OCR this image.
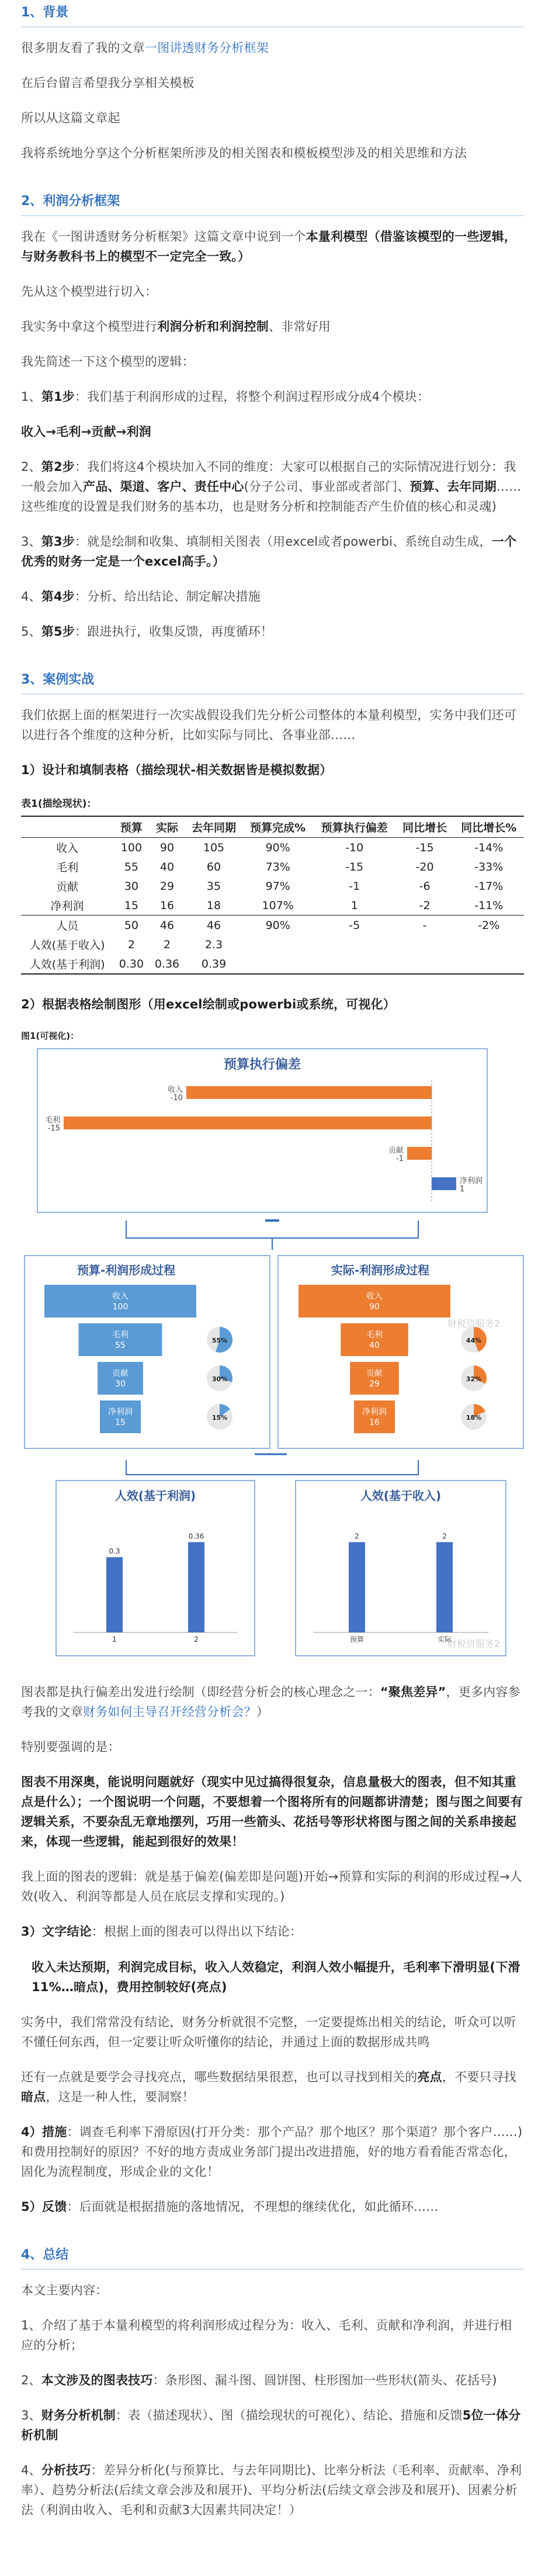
1、背景
很多朋友看了我的文章一图讲透财务分析框架
在后台留言希望我分享相关模板
所以从这篇文章起
我将系统地分享这个分析框架所涉及的相关图表和模板模型涉及的相关思维和方法
2、利润分析框架
我在《一图讲透财务分析框架》这篇文章中说到一个本量利模型（借鉴该模型的一些逻辑，与财务教科书上的模型不一定完全一致。）
先从这个模型进行切入：
我实务中拿这个模型进行利润分析和利润控制、非常好用
我先简述一下这个模型的逻辑：
1、第1步：我们基于利润形成的过程，将整个利润过程形成分成4个模块：
收入→毛利→贡献→利润
2、第2步：我们将这4个模块加入不同的维度：大家可以根据自己的实际情况进行划分：我一般会加入产品、渠道、客户、责任中心(分子公司、事业部或者部门、预算、去年同期……这些维度的设置是我们财务的基本功，也是财务分析和控制能否产生价值的核心和灵魂)
3、第3步：就是绘制和收集、填制相关图表（用excel或者powerbi、系统自动生成，一个优秀的财务一定是一个excel高手。）
4、第4步：分析、给出结论、制定解决措施
5、第5步：跟进执行，收集反馈，再度循环！
3、案例实战
我们依据上面的框架进行一次实战假设我们先分析公司整体的本量利模型，实务中我们还可以进行各个维度的这种分析，比如实际与同比、各事业部……
1）设计和填制表格（描绘现状-相关数据皆是模拟数据）
表1(描绘现状)：
	预算	实际	去年同期	预算完成%	预算执行偏差	同比增长	同比增长%
收入	100	90	105	90%	-10	-15	-14%
毛利	55	40	60	73%	-15	-20	-33%
贡献	30	29	35	97%	-1	-6	-17%
净利润	15	16	18	107%	1	-2	-11%
人员	50	46	46	90%	-5	-	-2%
人效(基于收入)	2	2	2.3				
人效(基于利润)	0.30	0.36	0.39				
2）根据表格绘制图形（用excel绘制或powerbi或系统，可视化）
图1(可视化)：
预算执行偏差
收入
-10
毛利
-15
贡献
-1
净利润
1
预算-利润形成过程	实际-利润形成过程
收入
100
毛利
55
贡献
30
净利润
15
55%
30%
15%
收入
90
毛利
40
贡献
29
净利润
16
44%
32%
18%
人效(基于利润)	人效(基于收入)
0.3
1
0.36
2
2
预算
2
实际
财税资服务2
财税资服务2
图表都是执行偏差出发进行绘制（即经营分析会的核心理念之一：“聚焦差异”，更多内容参考我的文章财务如何主导召开经营分析会？）
特别要强调的是：
图表不用深奥，能说明问题就好（现实中见过搞得很复杂，信息量极大的图表，但不知其重点是什么）；一个图说明一个问题，不要想着一个图将所有的问题都讲清楚；图与图之间要有逻辑关系，不要杂乱无章地摆列，巧用一些箭头、花括号等形状将图与图之间的关系串接起来，体现一些逻辑，能起到很好的效果！
我上面的图表的逻辑：就是基于偏差(偏差即是问题)开始→预算和实际的利润的形成过程→人效(收入、利润等都是人员在底层支撑和实现的。)
3）文字结论：根据上面的图表可以得出以下结论：
收入未达预期，利润完成目标，收入人效稳定，利润人效小幅提升，毛利率下滑明显(下滑11%…暗点)，费用控制较好(亮点)
实务中，我们常常没有结论，财务分析就很不完整，一定要提炼出相关的结论，听众可以听不懂任何东西，但一定要让听众听懂你的结论，并通过上面的数据形成共鸣
还有一点就是要学会寻找亮点，哪些数据结果很惹，也可以寻找到相关的亮点，不要只寻找暗点，这是一种人性，要洞察！
4）措施：调查毛利率下滑原因(打开分类：那个产品？那个地区？那个渠道？那个客户……)和费用控制好的原因？不好的地方责成业务部门提出改进措施，好的地方看看能否常态化，固化为流程制度，形成企业的文化！
5）反馈：后面就是根据措施的落地情况，不理想的继续优化，如此循环……
4、总结
本文主要内容：
1、介绍了基于本量利模型的将利润形成过程分为：收入、毛利、贡献和净利润，并进行相应的分析；
2、本文涉及的图表技巧：条形图、漏斗图、圆饼图、柱形图加一些形状(箭头、花括号)
3、财务分析机制：表（描述现状）、图（描绘现状的可视化）、结论、措施和反馈5位一体分析机制
4、分析技巧：差异分析化(与预算比、与去年同期比)、比率分析法（毛利率、贡献率、净利率）、趋势分析法(后续文章会涉及和展开)、平均分析法(后续文章会涉及和展开)、因素分析法（利润由收入、毛利和贡献3大因素共同决定！）
